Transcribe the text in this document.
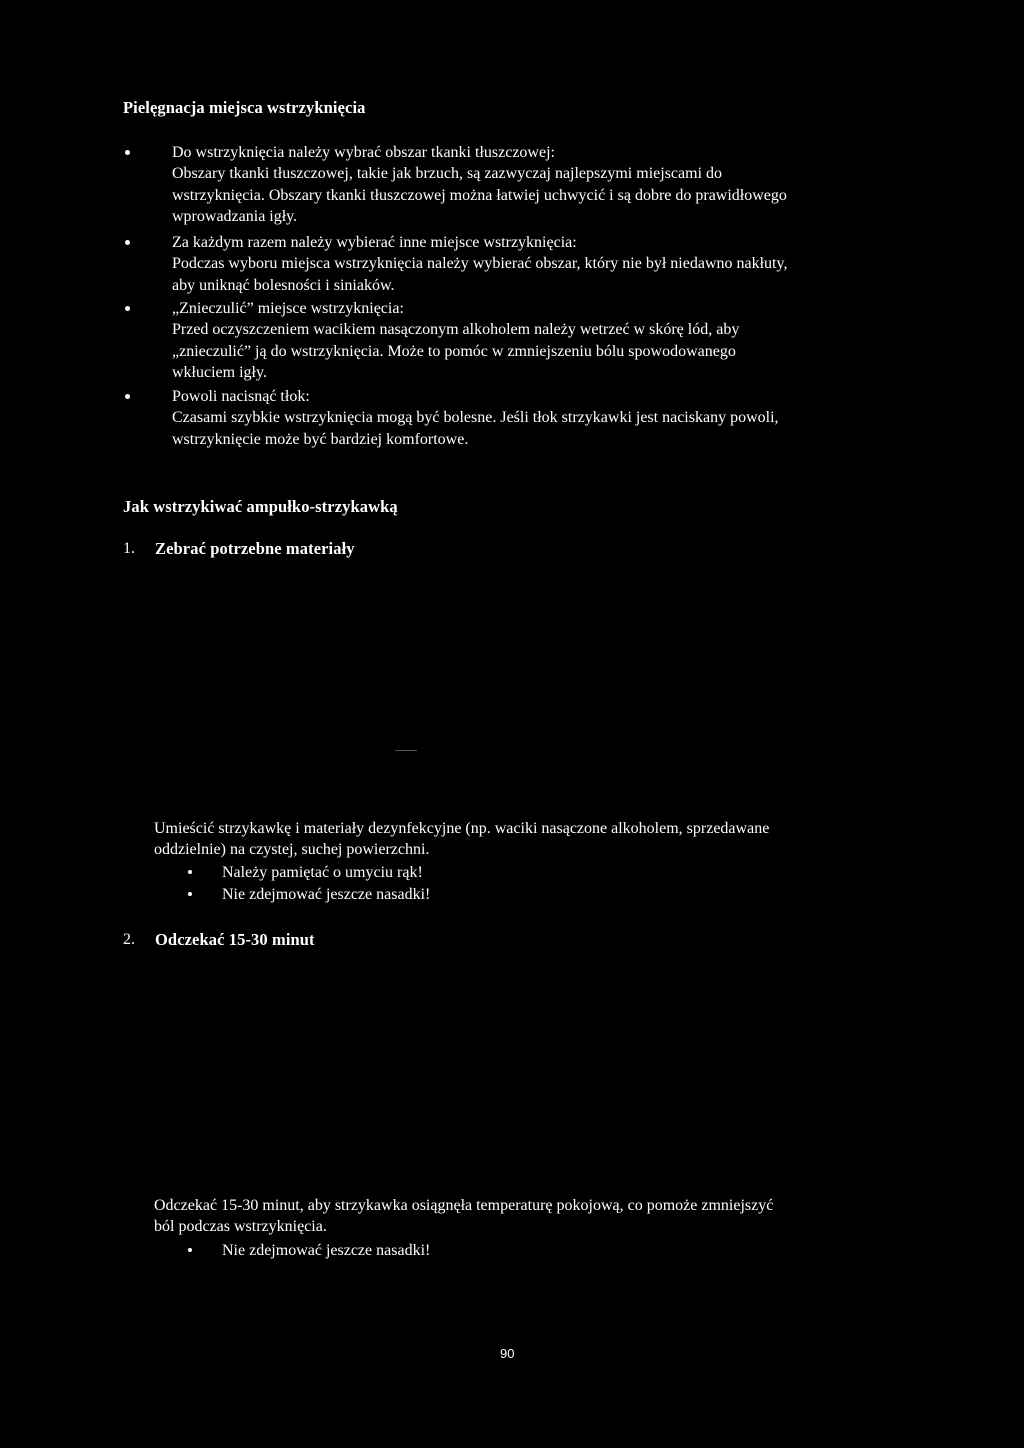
Pielęgnacja miejsca wstrzyknięcia
Do wstrzyknięcia należy wybrać obszar tkanki tłuszczowej:
Obszary tkanki tłuszczowej, takie jak brzuch, są zazwyczaj najlepszymi miejscami do
wstrzyknięcia. Obszary tkanki tłuszczowej można łatwiej uchwycić i są dobre do prawidłowego
wprowadzania igły.
Za każdym razem należy wybierać inne miejsce wstrzyknięcia:
Podczas wyboru miejsca wstrzyknięcia należy wybierać obszar, który nie był niedawno nakłuty,
aby uniknąć bolesności i siniaków.
„Znieczulić” miejsce wstrzyknięcia:
Przed oczyszczeniem wacikiem nasączonym alkoholem należy wetrzeć w skórę lód, aby
„znieczulić” ją do wstrzyknięcia. Może to pomóc w zmniejszeniu bólu spowodowanego
wkłuciem igły.
Powoli nacisnąć tłok:
Czasami szybkie wstrzyknięcia mogą być bolesne. Jeśli tłok strzykawki jest naciskany powoli,
wstrzyknięcie może być bardziej komfortowe.
Jak wstrzykiwać ampułko-strzykawką
1.	Zebrać potrzebne materiały
Umieścić strzykawkę i materiały dezynfekcyjne (np. waciki nasączone alkoholem, sprzedawane
oddzielnie) na czystej, suchej powierzchni.
Należy pamiętać o umyciu rąk!
Nie zdejmować jeszcze nasadki!
2.	Odczekać 15-30 minut
Odczekać 15-30 minut, aby strzykawka osiągnęła temperaturę pokojową, co pomoże zmniejszyć
ból podczas wstrzyknięcia.
Nie zdejmować jeszcze nasadki!
90
